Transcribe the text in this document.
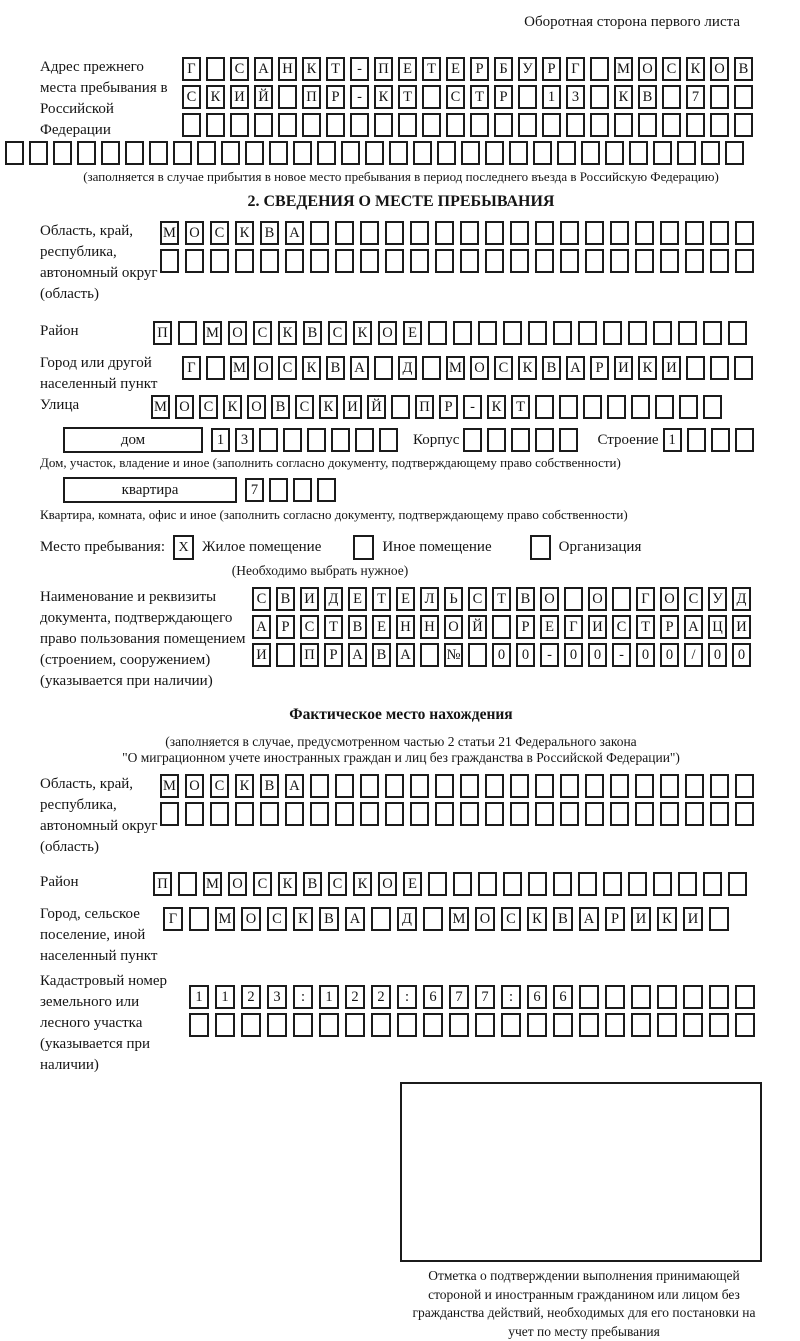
Оборотная сторона первого листа
Адрес прежнего места пребывания в Российской Федерации
Г	С А Н К	Т	-	П Е	Т	Е	Р	Б	У	Р	Г	М О С К О В
С К И Й	П	Р	-	К	Т	С	Т	Р	1	3	К В	7
(заполняется в случае прибытия в новое место пребывания в период последнего въезда в Российскую Федерацию)
2. СВЕДЕНИЯ О МЕСТЕ ПРЕБЫВАНИЯ
Область, край, республика, автономный округ (область)
М О	С	К	В	А
Район	П	М О	С	К	В	С	К	О	Е
Город или другой населенный пункт
Г	М О С К В А	Д	М О С К В А	Р	И К И
Улица	М О С К О В С К И Й	П	Р	-	К	Т
дом	1	3	Корпус	Строение 1
Дом, участок, владение и иное (заполнить согласно документу, подтверждающему право собственности)
квартира	7
Квартира, комната, офис и иное (заполнить согласно документу, подтверждающему право собственности)
Место пребывания: X Жилое помещение	Иное помещение	Организация
(Необходимо выбрать нужное)
Наименование и реквизиты документа, подтверждающего право пользования помещением (строением, сооружением) (указывается при наличии)
С В И Д	Е	Т	Е	Л	Ь	С	Т	В О	О	Г	О С У Д
А	Р	С	Т	В	Е Н Н О Й	Р	Е	Г	И С	Т	Р	А Ц И
И	П	Р	А В А №	0	0	-	0	0	-	0	0	/	0	0
Фактическое место нахождения
(заполняется в случае, предусмотренном частью 2 статьи 21 Федерального закона
"О миграционном учете иностранных граждан и лиц без гражданства в Российской Федерации")
Область, край, республика, автономный округ (область)
М О	С	К	В	А
Район	П	М О	С	К	В	С	К	О	Е
Город, сельское поселение, иной населенный пункт
Г	М О	С	К	В	А	Д	М О	С	К	В	А	Р	И	К	И
Кадастровый номер земельного или лесного участка (указывается при наличии)
1	1	2	3	:	1	2	2	:	6	7	7	:	6	6
Отметка о подтверждении выполнения принимающей стороной и иностранным гражданином или лицом без гражданства действий, необходимых для его постановки на учет по месту пребывания
